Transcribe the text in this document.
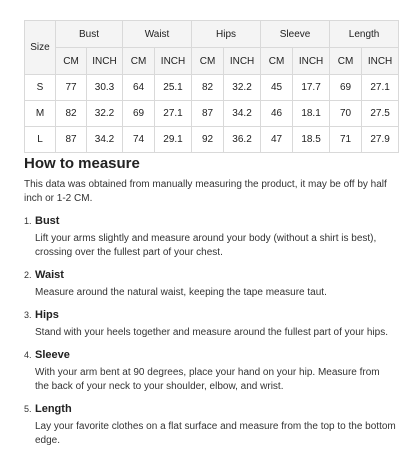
Size	Bust		Waist		Hips		Sleeve		Length	
	CM	INCH	CM	INCH	CM	INCH	CM	INCH	CM	INCH
S	77	30.3	64	25.1	82	32.2	45	17.7	69	27.1
M	82	32.2	69	27.1	87	34.2	46	18.1	70	27.5
L	87	34.2	74	29.1	92	36.2	47	18.5	71	27.9
How to measure

This data was obtained from manually measuring the product, it may be off by half inch or 1-2 CM.

1. Bust

Lift your arms slightly and measure around your body (without a shirt is best), crossing over the fullest part of your chest.

2. Waist

Measure around the natural waist, keeping the tape measure taut.

3. Hips

Stand with your heels together and measure around the fullest part of your hips.

4. Sleeve

With your arm bent at 90 degrees, place your hand on your hip. Measure from the back of your neck to your shoulder, elbow, and wrist.

5. Length

Lay your favorite clothes on a flat surface and measure from the top to the bottom edge.
